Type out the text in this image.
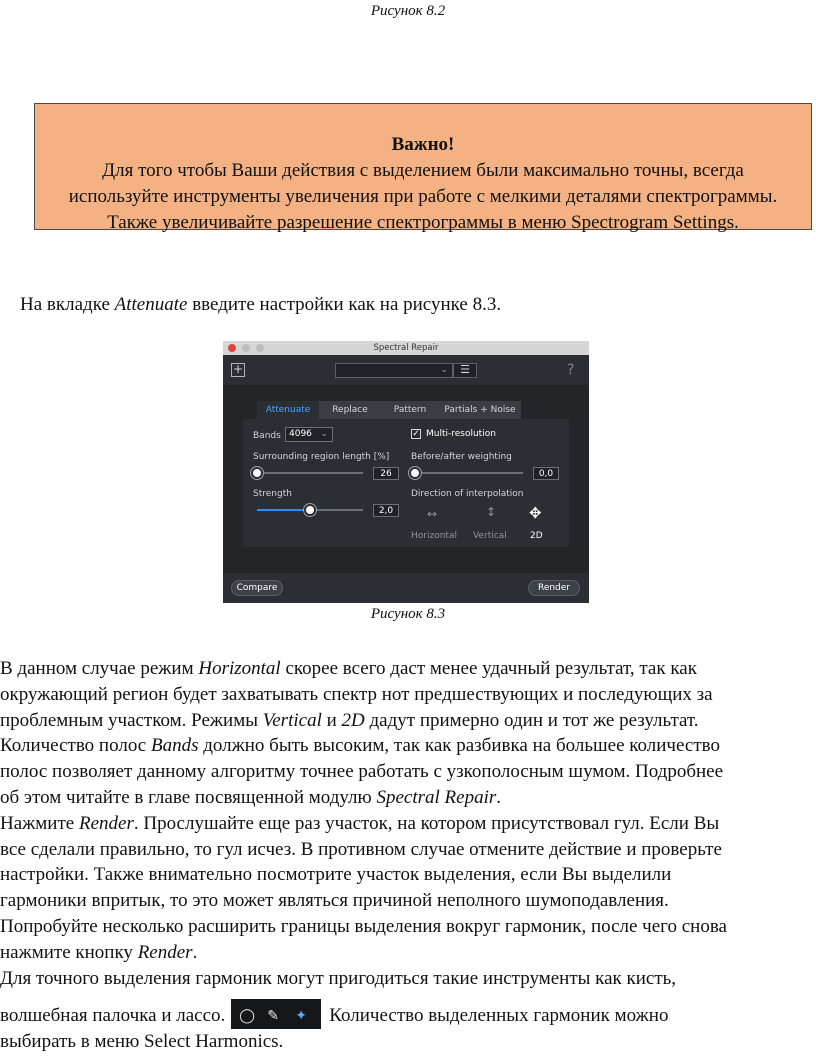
Рисунок 8.2
Важно!
Для того чтобы Ваши действия с выделением были максимально точны, всегда
используйте инструменты увеличения при работе с мелкими деталями спектрограммы.
Также увеличивайте разрешение спектрограммы в меню Spectrogram Settings.
На вкладке Attenuate введите настройки как на рисунке 8.3.
Spectral Repair
+	⌄	☰	?
Attenuate	Replace	Pattern	Partials + Noise
Bands 4096 ⌄	✓ Multi-resolution
Surrounding region length [%]
26
Before/after weighting
0,0
Strength
2,0
Direction of interpolation
↔	↕ ✥
Horizontal Vertical	2D
Compare	Render
Рисунок 8.3
В данном случае режим Horizontal скорее всего даст менее удачный результат, так как
окружающий регион будет захватывать спектр нот предшествующих и последующих за
проблемным участком. Режимы Vertical и 2D дадут примерно один и тот же результат.
Количество полос Bands должно быть высоким, так как разбивка на большее количество
полос позволяет данному алгоритму точнее работать с узкополосным шумом. Подробнее
об этом читайте в главе посвященной модулю Spectral Repair.
Нажмите Render. Прослушайте еще раз участок, на котором присутствовал гул. Если Вы
все сделали правильно, то гул исчез. В противном случае отмените действие и проверьте
настройки. Также внимательно посмотрите участок выделения, если Вы выделили
гармоники впритык, то это может являться причиной неполного шумоподавления.
Попробуйте несколько расширить границы выделения вокруг гармоник, после чего снова
нажмите кнопку Render.
Для точного выделения гармоник могут пригодиться такие инструменты как кисть,
волшебная палочка и лассо. ◯ ✎ ✦ Количество выделенных гармоник можно
выбирать в меню Select Harmonics.
